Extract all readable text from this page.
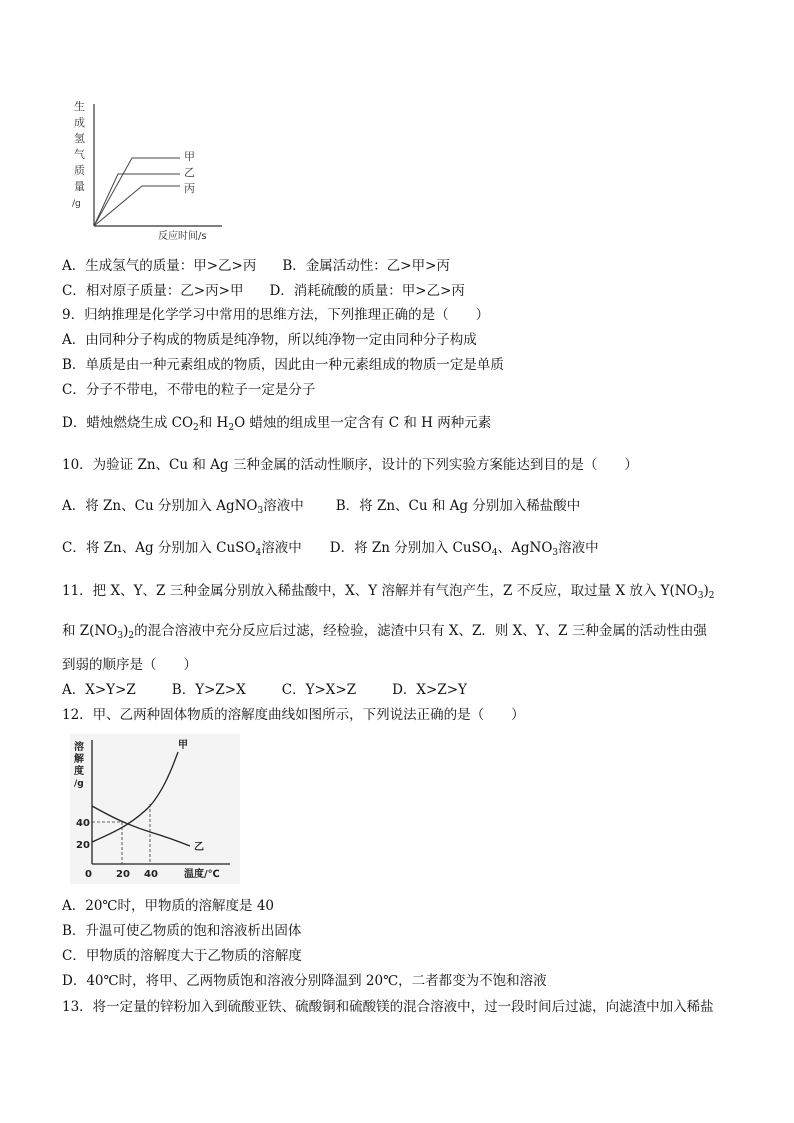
生
成
氢
气
质
量
/g
甲
乙
丙
反应时间/s
A．生成氢气的质量：甲>乙>丙 B．金属活动性：乙>甲>丙
C．相对原子质量：乙>丙>甲 D．消耗硫酸的质量：甲>乙>丙
9．归纳推理是化学学习中常用的思维方法，下列推理正确的是（　　）
A．由同种分子构成的物质是纯净物，所以纯净物一定由同种分子构成
B．单质是由一种元素组成的物质，因此由一种元素组成的物质一定是单质
C．分子不带电，不带电的粒子一定是分子
D．蜡烛燃烧生成 $CO_2$和 $H_2O$ 蜡烛的组成里一定含有 C 和 H 两种元素
10．为验证 Zn、Cu 和 Ag 三种金属的活动性顺序，设计的下列实验方案能达到目的是（　　）
A．将 Zn、Cu 分别加入 AgNO$_3$溶液中 B．将 Zn、Cu 和 Ag 分别加入稀盐酸中
C．将 Zn、Ag 分别加入 CuSO$_4$溶液中 D．将 Zn 分别加入 CuSO$_4$、AgNO$_3$溶液中
11．把 X、Y、Z 三种金属分别放入稀盐酸中，X、Y 溶解并有气泡产生，Z 不反应，取过量 X 放入 $Y(NO_3)_2$
和 $Z(NO_3)_2$的混合溶液中充分反应后过滤，经检验，滤渣中只有 X、Z．则 X、Y、Z 三种金属的活动性由强
到弱的顺序是（　　）
A．X>Y>Z	B．Y>Z>X	C．Y>X>Z	D．X>Z>Y
12．甲、乙两种固体物质的溶解度曲线如图所示，下列说法正确的是（　　）
溶
解
度
/g
40
20
0 20 40	温度/℃
甲
乙
A．20℃时，甲物质的溶解度是 40
B．升温可使乙物质的饱和溶液析出固体
C．甲物质的溶解度大于乙物质的溶解度
D．40℃时，将甲、乙两物质饱和溶液分别降温到 20℃，二者都变为不饱和溶液
13．将一定量的锌粉加入到硫酸亚铁、硫酸铜和硫酸镁的混合溶液中，过一段时间后过滤，向滤渣中加入稀盐
